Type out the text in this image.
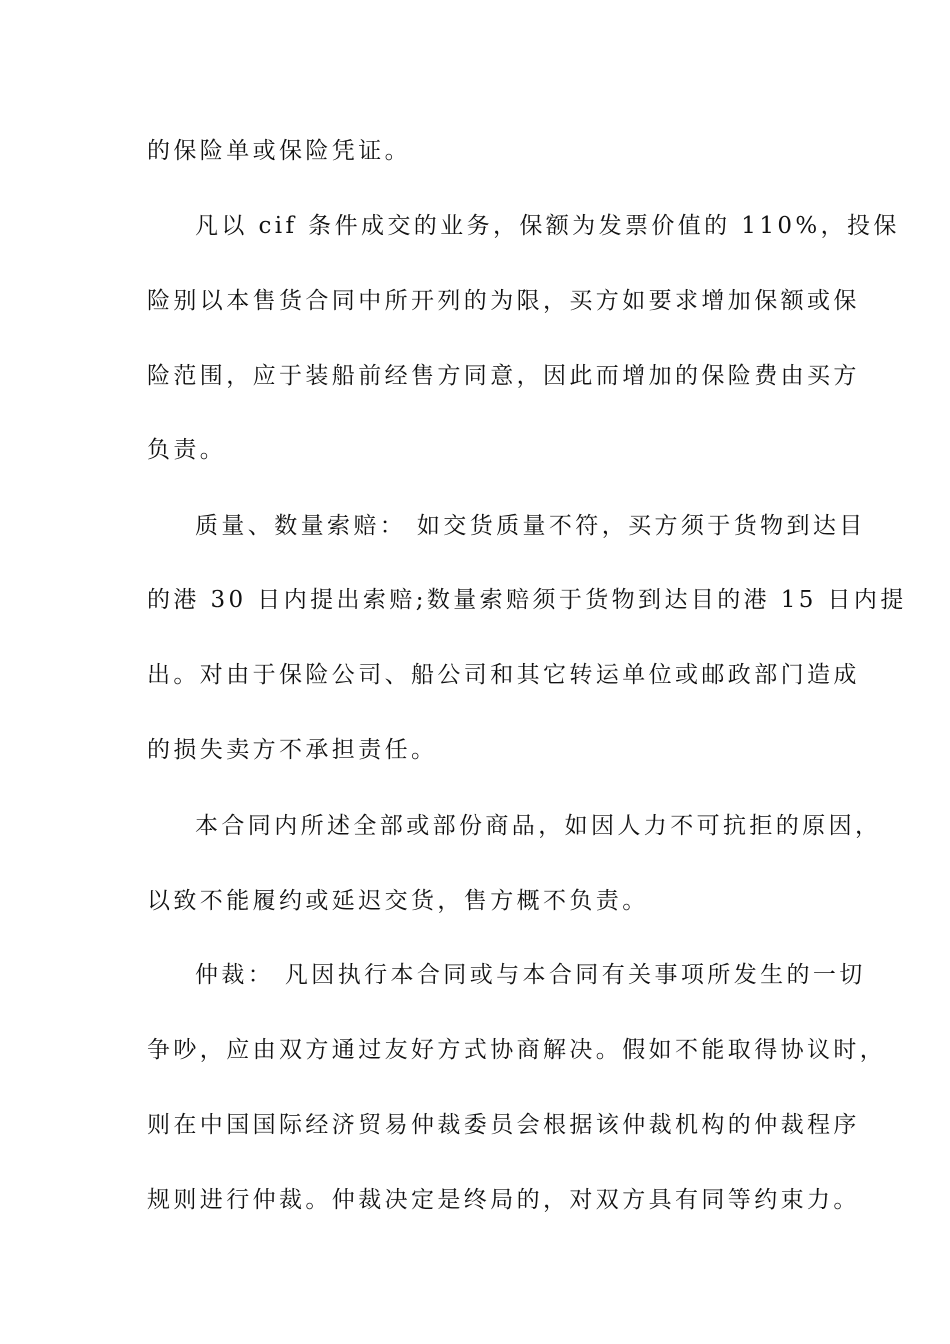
的保险单或保险凭证。
凡以 cif 条件成交的业务，保额为发票价值的 110%，投保
险别以本售货合同中所开列的为限，买方如要求增加保额或保
险范围，应于装船前经售方同意，因此而增加的保险费由买方
负责。
质量、数量索赔： 如交货质量不符，买方须于货物到达目
的港 30 日内提出索赔;数量索赔须于货物到达目的港 15 日内提
出。对由于保险公司、船公司和其它转运单位或邮政部门造成
的损失卖方不承担责任。
本合同内所述全部或部份商品，如因人力不可抗拒的原因，
以致不能履约或延迟交货，售方概不负责。
仲裁： 凡因执行本合同或与本合同有关事项所发生的一切
争吵，应由双方通过友好方式协商解决。假如不能取得协议时，
则在中国国际经济贸易仲裁委员会根据该仲裁机构的仲裁程序
规则进行仲裁。仲裁决定是终局的，对双方具有同等约束力。
